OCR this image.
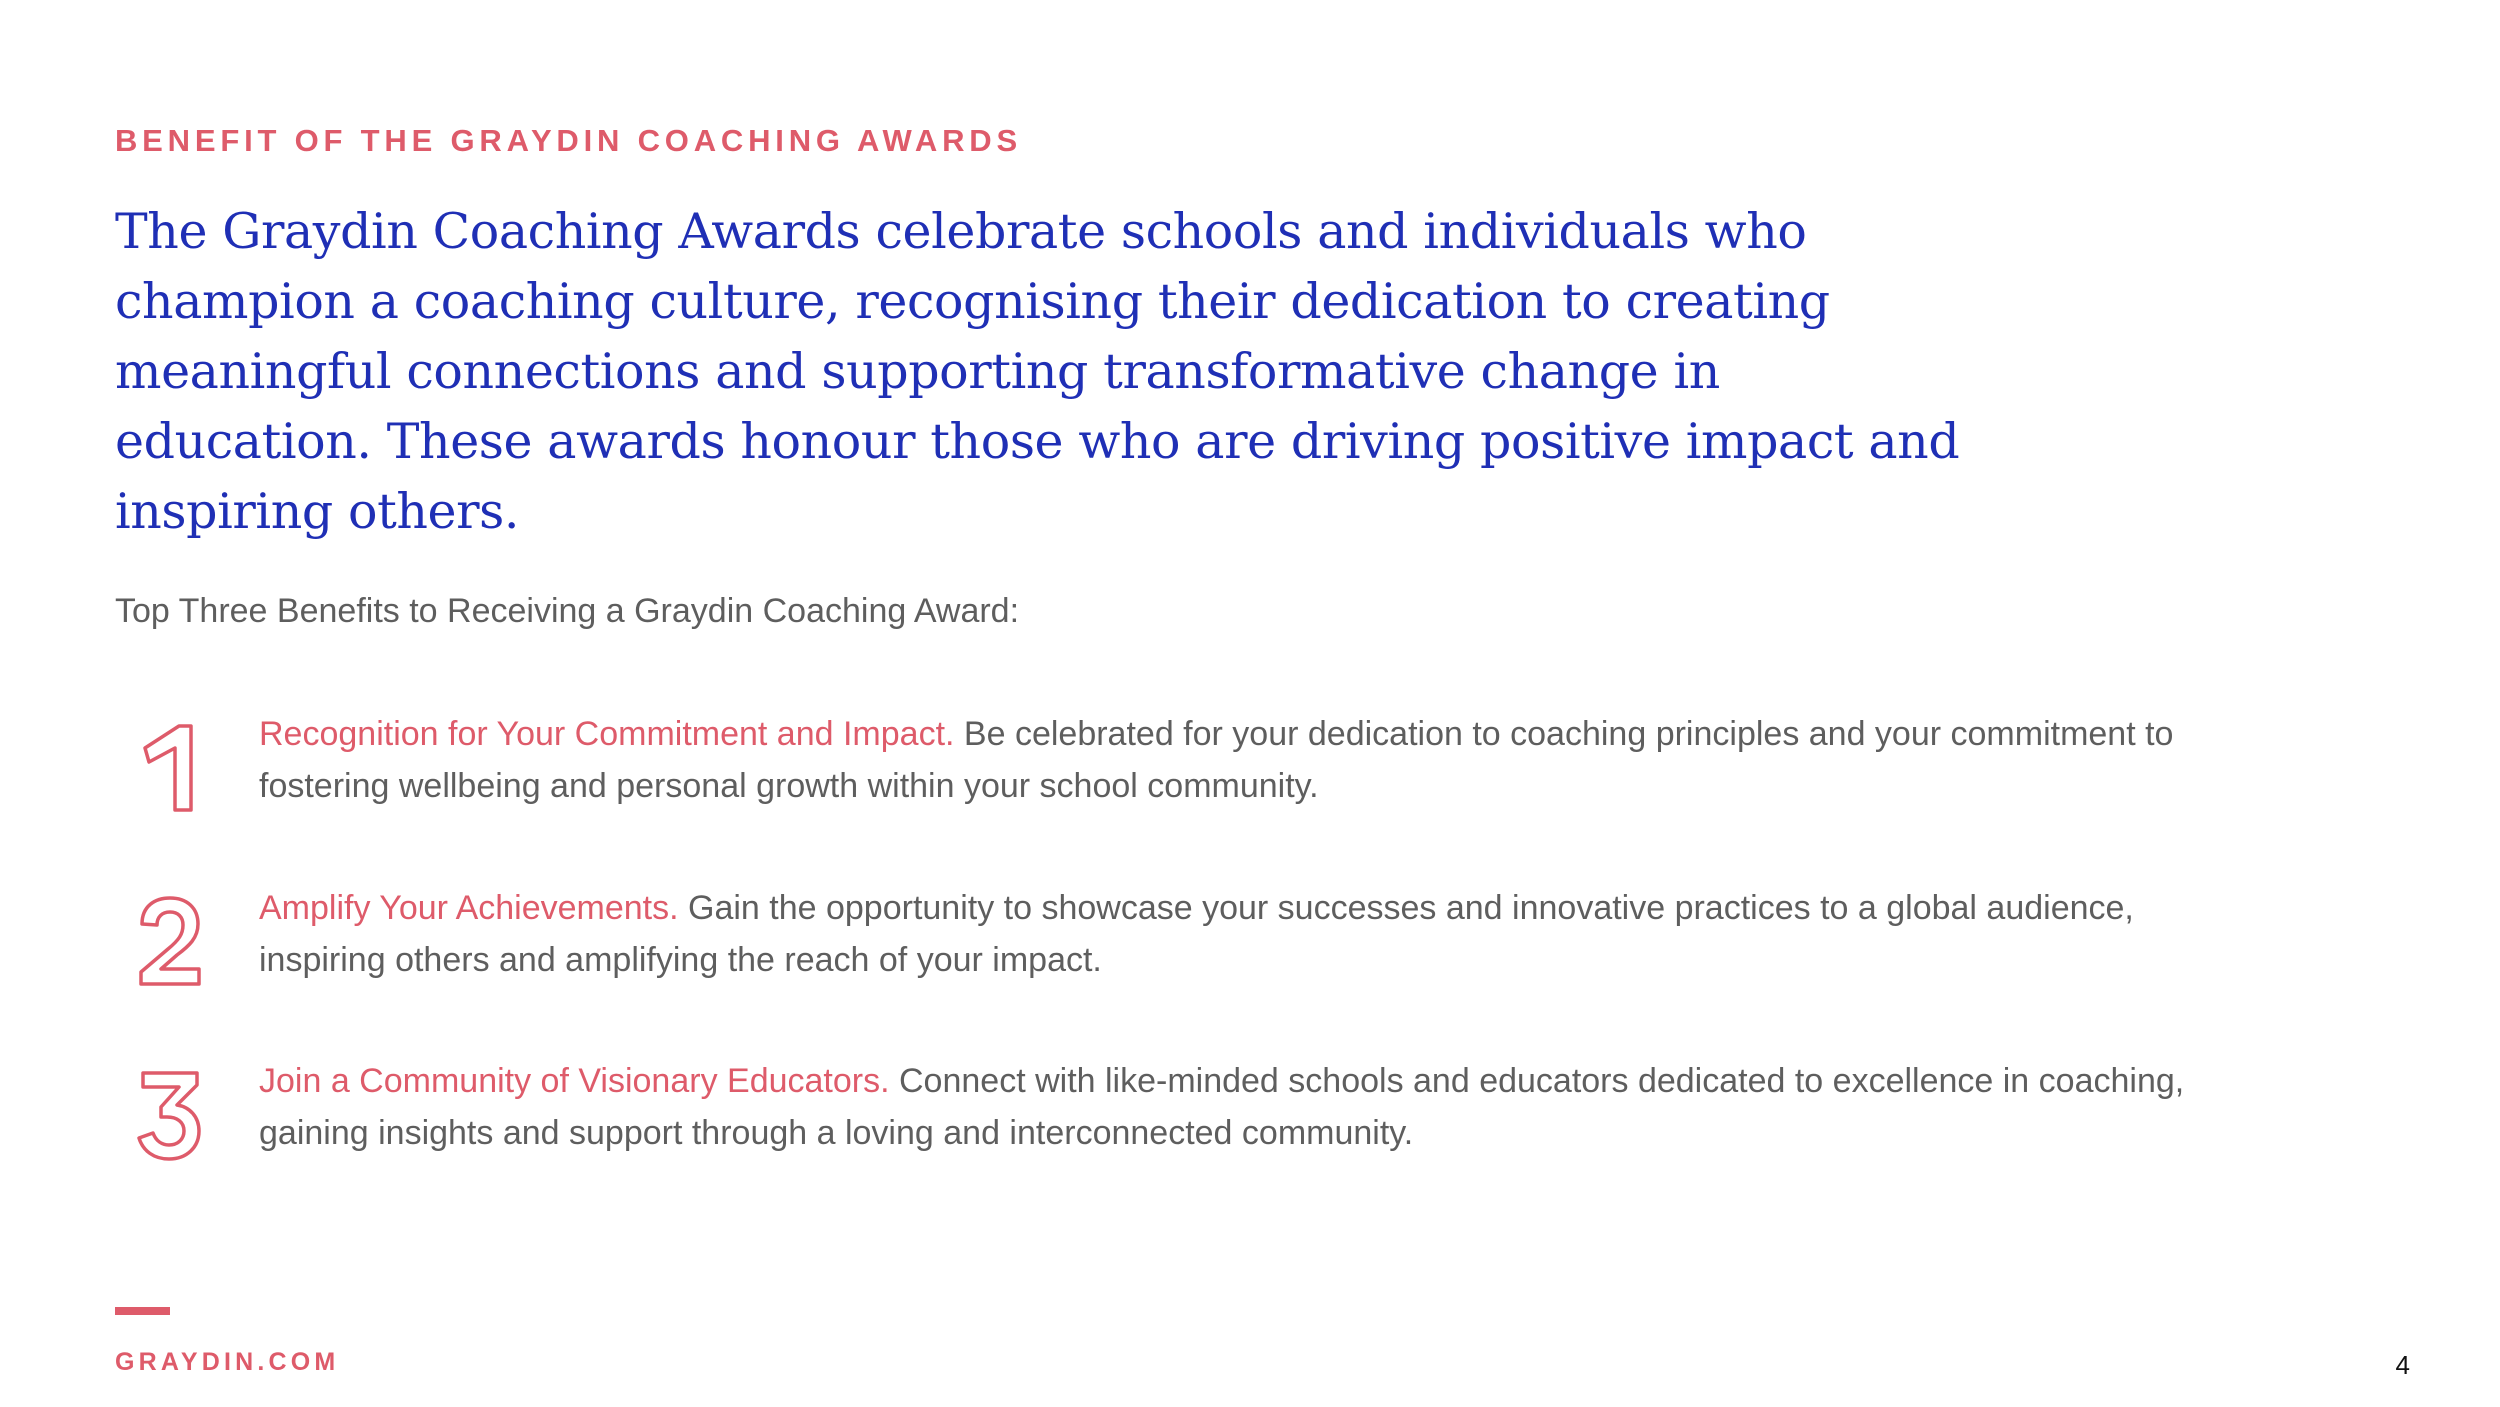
BENEFIT OF THE GRAYDIN COACHING AWARDS
The Graydin Coaching Awards celebrate schools and individuals who champion a coaching culture, recognising their dedication to creating meaningful connections and supporting transformative change in education. These awards honour those who are driving positive impact and inspiring others.
Top Three Benefits to Receiving a Graydin Coaching Award:
Recognition for Your Commitment and Impact. Be celebrated for your dedication to coaching principles and your commitment to fostering wellbeing and personal growth within your school community.
Amplify Your Achievements. Gain the opportunity to showcase your successes and innovative practices to a global audience, inspiring others and amplifying the reach of your impact.
Join a Community of Visionary Educators. Connect with like-minded schools and educators dedicated to excellence in coaching, gaining insights and support through a loving and interconnected community.
GRAYDIN.COM	4
